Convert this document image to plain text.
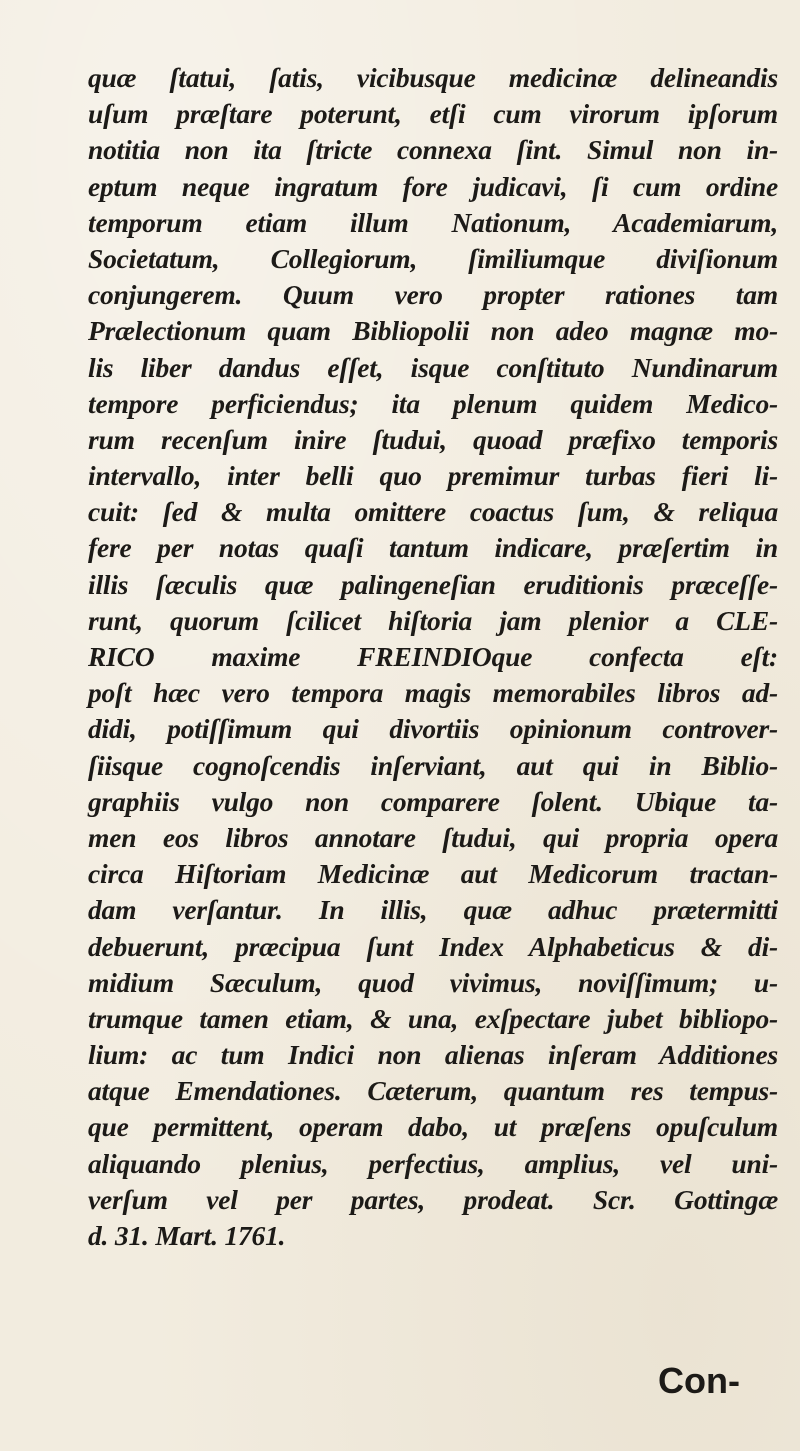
quæ ſtatui, ſatis, vicibusque medicinæ delineandis
uſum præſtare poterunt, etſi cum virorum ipſorum
notitia non ita ſtricte connexa ſint. Simul non in-
eptum neque ingratum fore judicavi, ſi cum ordine
temporum etiam illum Nationum, Academiarum,
Societatum, Collegiorum, ſimiliumque diviſionum
conjungerem. Quum vero propter rationes tam
Prælectionum quam Bibliopolii non adeo magnæ mo-
lis liber dandus eſſet, isque conſtituto Nundinarum
tempore perficiendus; ita plenum quidem Medico-
rum recenſum inire ſtudui, quoad præfixo temporis
intervallo, inter belli quo premimur turbas fieri li-
cuit: ſed & multa omittere coactus ſum, & reliqua
fere per notas quaſi tantum indicare, præſertim in
illis ſæculis quæ palingeneſian eruditionis præceſſe-
runt, quorum ſcilicet hiſtoria jam plenior a CLE-
RICO maxime FREINDIOque confecta eſt:
poſt hæc vero tempora magis memorabiles libros ad-
didi, potiſſimum qui divortiis opinionum controver-
ſiisque cognoſcendis inſerviant, aut qui in Biblio-
graphiis vulgo non comparere ſolent. Ubique ta-
men eos libros annotare ſtudui, qui propria opera
circa Hiſtoriam Medicinæ aut Medicorum tractan-
dam verſantur. In illis, quæ adhuc prætermitti
debuerunt, præcipua ſunt Index Alphabeticus & di-
midium Sæculum, quod vivimus, noviſſimum; u-
trumque tamen etiam, & una, exſpectare jubet bibliopo-
lium: ac tum Indici non alienas inſeram Additiones
atque Emendationes. Cæterum, quantum res tempus-
que permittent, operam dabo, ut præſens opuſculum
aliquando plenius, perfectius, amplius, vel uni-
verſum vel per partes, prodeat. Scr. Gottingæ
d. 31. Mart. 1761.
Con-
